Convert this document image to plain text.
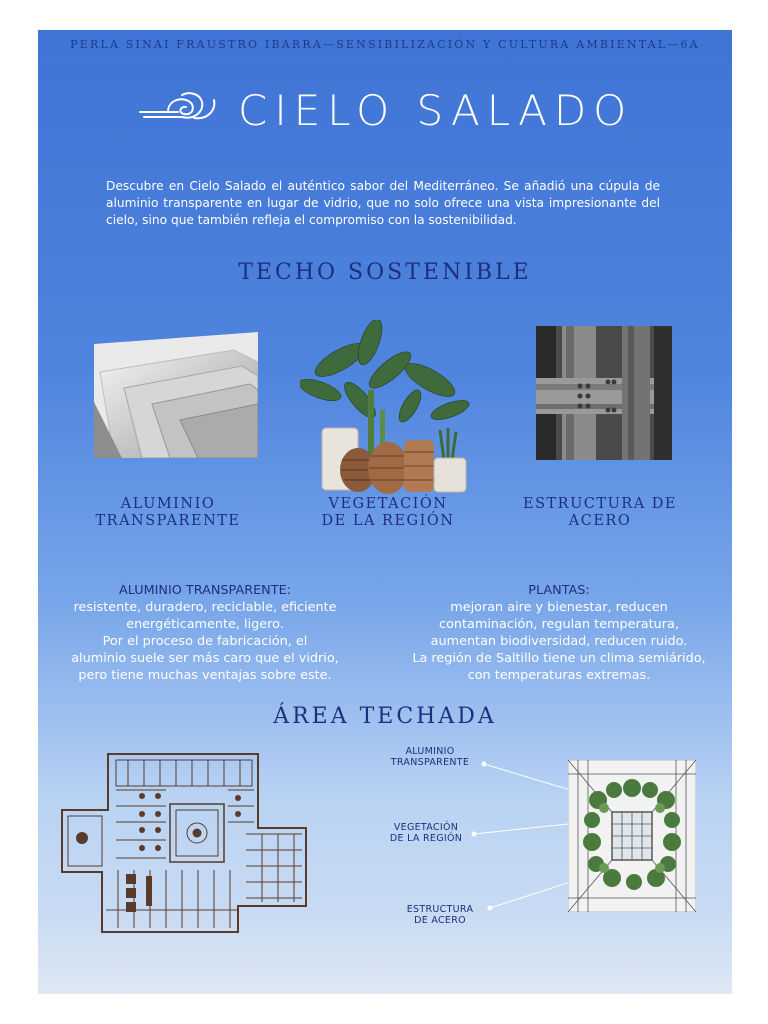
PERLA SINAI FRAUSTRO IBARRA—SENSIBILIZACIÓN Y CULTURA AMBIENTAL—6A
CIELO SALADO
Descubre en Cielo Salado el auténtico sabor del Mediterráneo. Se añadió una cúpula de aluminio transparente en lugar de vidrio, que no solo ofrece una vista impresionante del cielo, sino que también refleja el compromiso con la sostenibilidad.
TECHO SOSTENIBLE
ALUMINIO
TRANSPARENTE
VEGETACIÓN
DE LA REGIÓN
ESTRUCTURA DE
ACERO
ALUMINIO TRANSPARENTE:
resistente, duradero, reciclable, eficiente
energéticamente, ligero.
Por el proceso de fabricación, el
aluminio suele ser más caro que el vidrio,
pero tiene muchas ventajas sobre este.
PLANTAS:
mejoran aire y bienestar, reducen
contaminación, regulan temperatura,
aumentan biodiversidad, reducen ruido.
La región de Saltillo tiene un clima semiárido,
con temperaturas extremas.
ÁREA TECHADA
ALUMINIO
TRANSPARENTE
VEGETACIÓN
DE LA REGIÓN
ESTRUCTURA
DE ACERO
